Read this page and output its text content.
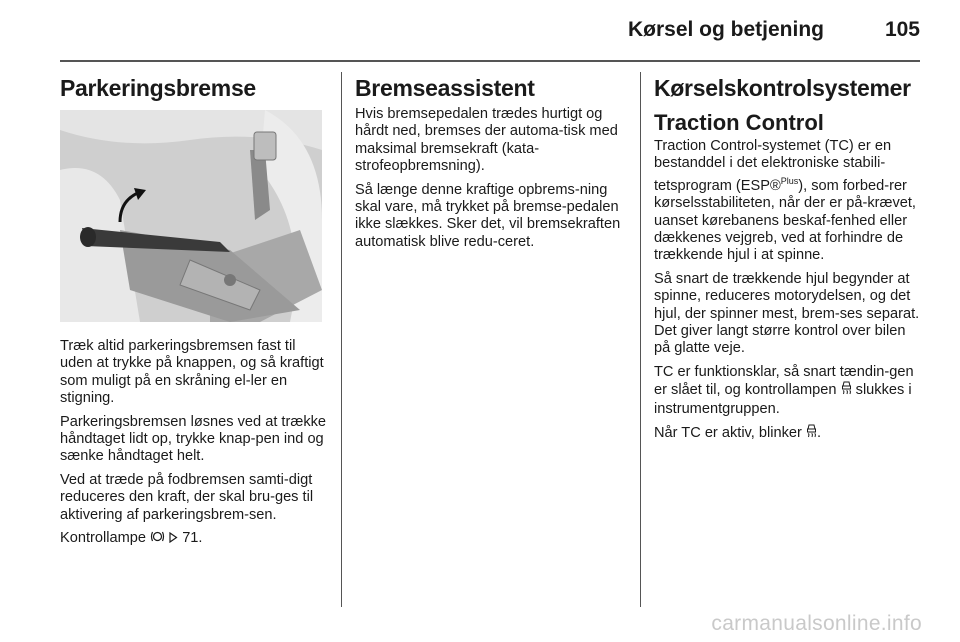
Kørsel og betjening	105
Parkeringsbremse

Træk altid parkeringsbremsen fast til uden at trykke på knappen, og så kraftigt som muligt på en skråning el-ler en stigning.

Parkeringsbremsen løsnes ved at trække håndtaget lidt op, trykke knap-pen ind og sænke håndtaget helt.

Ved at træde på fodbremsen samti-digt reduceres den kraft, der skal bru-ges til aktivering af parkeringsbrem-sen.

Kontrollampe 71.

Bremseassistent

Hvis bremsepedalen trædes hurtigt og hårdt ned, bremses der automa-tisk med maksimal bremsekraft (kata-strofeopbremsning).

Så længe denne kraftige opbrems-ning skal vare, må trykket på bremse-pedalen ikke slækkes. Sker det, vil bremsekraften automatisk blive redu-ceret.

Kørselskontrolsystemer
Traction Control

Traction Control-systemet (TC) er en bestanddel i det elektroniske stabili-tetsprogram (ESP®$^{Plus}$), som forbed-rer kørselsstabiliteten, når der er på-krævet, uanset kørebanens beskaf-fenhed eller dækkenes vejgreb, ved at forhindre de trækkende hjul i at spinne.

Så snart de trækkende hjul begynder at spinne, reduceres motorydelsen, og det hjul, der spinner mest, brem-ses separat. Det giver langt større kontrol over bilen på glatte veje.

TC er funktionsklar, så snart tændin-gen er slået til, og kontrollampen slukkes i instrumentgruppen.

Når TC er aktiv, blinker .

carmanualsonline.info
